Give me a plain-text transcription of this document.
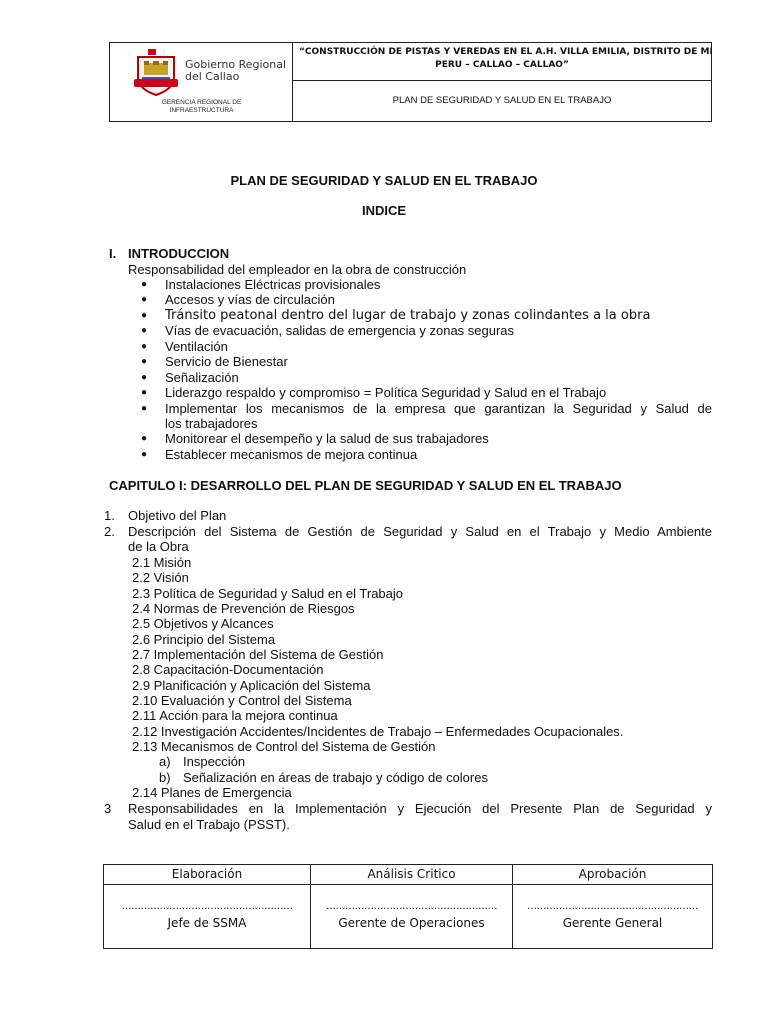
Gobierno Regional
del Callao
GERENCIA REGIONAL DE
INFRAESTRUCTURA
“CONSTRUCCIÓN DE PISTAS Y VEREDAS EN EL A.H. VILLA EMILIA, DISTRITO DE MI
PERU – CALLAO – CALLAO”
PLAN DE SEGURIDAD Y SALUD EN EL TRABAJO
PLAN DE SEGURIDAD Y SALUD EN EL TRABAJO
INDICE
I. INTRODUCCION
Responsabilidad del empleador en la obra de construcción
● Instalaciones Eléctricas provisionales
● Accesos y vías de circulación
● Tránsito peatonal dentro del lugar de trabajo y zonas colindantes a la obra
● Vías de evacuación, salidas de emergencia y zonas seguras
● Ventilación
● Servicio de Bienestar
● Señalización
● Liderazgo respaldo y compromiso = Política Seguridad y Salud en el Trabajo
● Implementar los mecanismos de la empresa que garantizan la Seguridad y Salud de
● Monitorear el desempeño y la salud de sus trabajadores
● Establecer mecanismos de mejora continua
los trabajadores
CAPITULO I: DESARROLLO DEL PLAN DE SEGURIDAD Y SALUD EN EL TRABAJO
1. Objetivo del Plan
2. Descripción del Sistema de Gestión de Seguridad y Salud en el Trabajo y Medio Ambiente
de la Obra
2.1 Misión
2.2 Visión
2.3 Política de Seguridad y Salud en el Trabajo
2.4 Normas de Prevención de Riesgos
2.5 Objetivos y Alcances
2.6 Principio del Sistema
2.7 Implementación del Sistema de Gestión
2.8 Capacitación-Documentación
2.9 Planificación y Aplicación del Sistema
2.10 Evaluación y Control del Sistema
2.11 Acción para la mejora continua
2.12 Investigación Accidentes/Incidentes de Trabajo – Enfermedades Ocupacionales.
2.13 Mecanismos de Control del Sistema de Gestión
a) Inspección
b) Señalización en áreas de trabajo y código de colores
2.14 Planes de Emergencia
3 Responsabilidades en la Implementación y Ejecución del Presente Plan de Seguridad y
Salud en el Trabajo (PSST).
Elaboración
………………………………………………
Jefe de SSMA
Análisis Critico
………………………………………………
Gerente de Operaciones
Aprobación
………………………………………………
Gerente General
